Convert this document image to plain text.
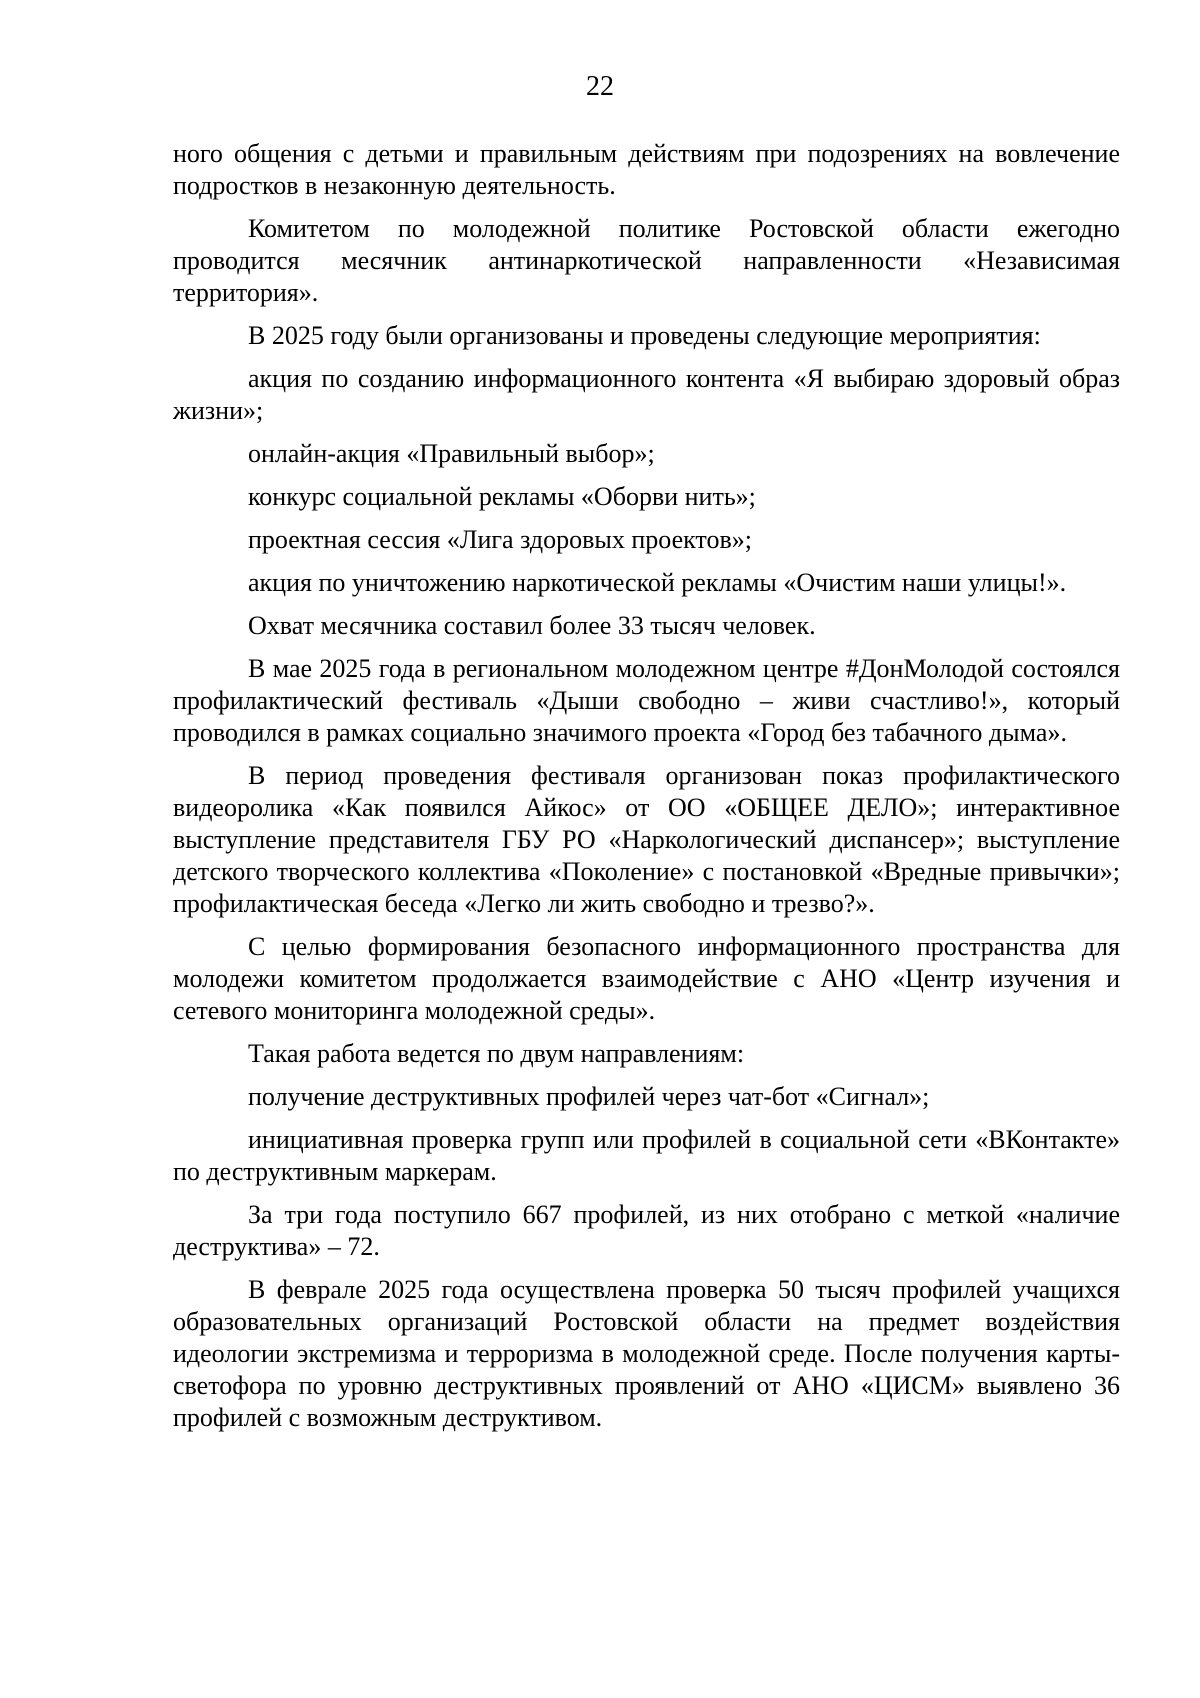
22

ного общения с детьми и правильным действиям при подозрениях на вовлечение подростков в незаконную деятельность.

Комитетом по молодежной политике Ростовской области ежегодно проводится месячник антинаркотической направленности «Независимая территория».

В 2025 году были организованы и проведены следующие мероприятия:

акция по созданию информационного контента «Я выбираю здоровый образ жизни»;

онлайн-акция «Правильный выбор»;

конкурс социальной рекламы «Оборви нить»;

проектная сессия «Лига здоровых проектов»;

акция по уничтожению наркотической рекламы «Очистим наши улицы!».

Охват месячника составил более 33 тысяч человек.

В мае 2025 года в региональном молодежном центре #ДонМолодой состоялся профилактический фестиваль «Дыши свободно – живи счастливо!», который проводился в рамках социально значимого проекта «Город без табачного дыма».

В период проведения фестиваля организован показ профилактического видеоролика «Как появился Айкос» от ОО «ОБЩЕЕ ДЕЛО»; интерактивное выступление представителя ГБУ РО «Наркологический диспансер»; выступление детского творческого коллектива «Поколение» с постановкой «Вредные привычки»; профилактическая беседа «Легко ли жить свободно и трезво?».

С целью формирования безопасного информационного пространства для молодежи комитетом продолжается взаимодействие с АНО «Центр изучения и сетевого мониторинга молодежной среды».

Такая работа ведется по двум направлениям:

получение деструктивных профилей через чат-бот «Сигнал»;

инициативная проверка групп или профилей в социальной сети «ВКонтакте» по деструктивным маркерам.

За три года поступило 667 профилей, из них отобрано с меткой «наличие деструктива» – 72.

В феврале 2025 года осуществлена проверка 50 тысяч профилей учащихся образовательных организаций Ростовской области на предмет воздействия идеологии экстремизма и терроризма в молодежной среде. После получения карты-светофора по уровню деструктивных проявлений от АНО «ЦИСМ» выявлено 36 профилей с возможным деструктивом.
